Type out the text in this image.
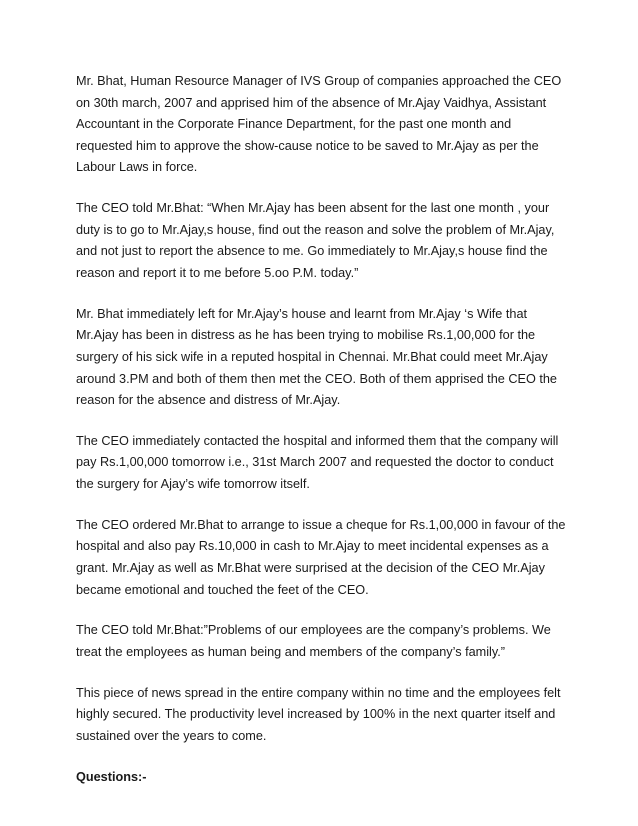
Mr. Bhat, Human Resource Manager of IVS Group of companies approached the CEO
on 30th march, 2007 and apprised him of the absence of Mr.Ajay Vaidhya, Assistant
Accountant in the Corporate Finance Department, for the past one month and
requested him to approve the show-cause notice to be saved to Mr.Ajay as per the
Labour Laws in force.

The CEO told Mr.Bhat: “When Mr.Ajay has been absent for the last one month , your
duty is to go to Mr.Ajay,s house, find out the reason and solve the problem of Mr.Ajay,
and not just to report the absence to me. Go immediately to Mr.Ajay,s house find the
reason and report it to me before 5.oo P.M. today.”

Mr. Bhat immediately left for Mr.Ajay’s house and learnt from Mr.Ajay ‘s Wife that
Mr.Ajay has been in distress as he has been trying to mobilise Rs.1,00,000 for the
surgery of his sick wife in a reputed hospital in Chennai. Mr.Bhat could meet Mr.Ajay
around 3.PM and both of them then met the CEO. Both of them apprised the CEO the
reason for the absence and distress of Mr.Ajay.

The CEO immediately contacted the hospital and informed them that the company will
pay Rs.1,00,000 tomorrow i.e., 31st March 2007 and requested the doctor to conduct
the surgery for Ajay’s wife tomorrow itself.

The CEO ordered Mr.Bhat to arrange to issue a cheque for Rs.1,00,000 in favour of the
hospital and also pay Rs.10,000 in cash to Mr.Ajay to meet incidental expenses as a
grant. Mr.Ajay as well as Mr.Bhat were surprised at the decision of the CEO Mr.Ajay
became emotional and touched the feet of the CEO.

The CEO told Mr.Bhat:”Problems of our employees are the company’s problems. We
treat the employees as human being and members of the company’s family.”

This piece of news spread in the entire company within no time and the employees felt
highly secured. The productivity level increased by 100% in the next quarter itself and
sustained over the years to come.

Questions:-
